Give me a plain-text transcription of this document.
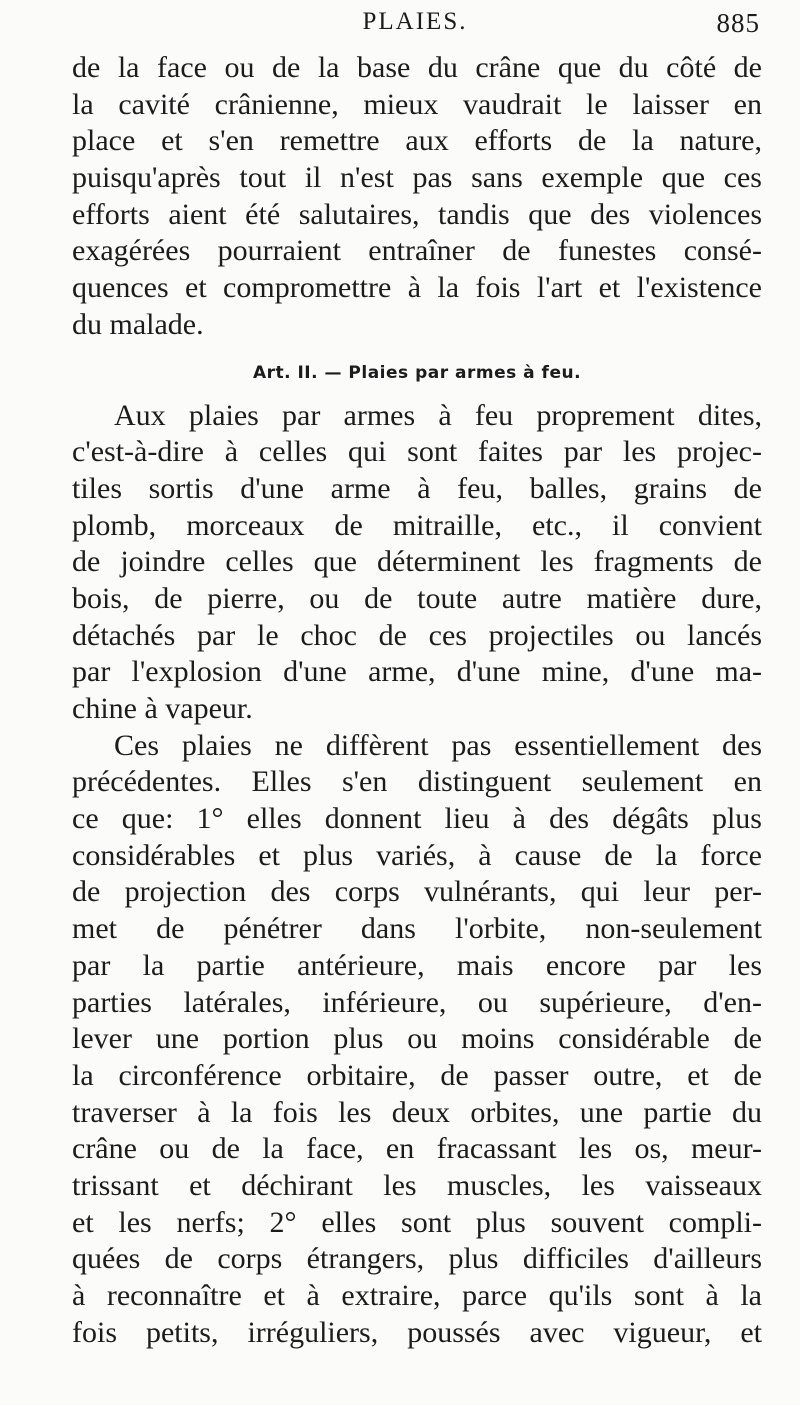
PLAIES.	885
de la face ou de la base du crâne que du côté de
la cavité crânienne, mieux vaudrait le laisser en
place et s'en remettre aux efforts de la nature,
puisqu'après tout il n'est pas sans exemple que ces
efforts aient été salutaires, tandis que des violences
exagérées pourraient entraîner de funestes consé-
quences et compromettre à la fois l'art et l'existence
du malade.
Art. II. — Plaies par armes à feu.
Aux plaies par armes à feu proprement dites,
c'est-à-dire à celles qui sont faites par les projec-
tiles sortis d'une arme à feu, balles, grains de
plomb, morceaux de mitraille, etc., il convient
de joindre celles que déterminent les fragments de
bois, de pierre, ou de toute autre matière dure,
détachés par le choc de ces projectiles ou lancés
par l'explosion d'une arme, d'une mine, d'une ma-
chine à vapeur.
Ces plaies ne diffèrent pas essentiellement des
précédentes. Elles s'en distinguent seulement en
ce que: 1° elles donnent lieu à des dégâts plus
considérables et plus variés, à cause de la force
de projection des corps vulnérants, qui leur per-
met de pénétrer dans l'orbite, non-seulement
par la partie antérieure, mais encore par les
parties latérales, inférieure, ou supérieure, d'en-
lever une portion plus ou moins considérable de
la circonférence orbitaire, de passer outre, et de
traverser à la fois les deux orbites, une partie du
crâne ou de la face, en fracassant les os, meur-
trissant et déchirant les muscles, les vaisseaux
et les nerfs; 2° elles sont plus souvent compli-
quées de corps étrangers, plus difficiles d'ailleurs
à reconnaître et à extraire, parce qu'ils sont à la
fois petits, irréguliers, poussés avec vigueur, et
